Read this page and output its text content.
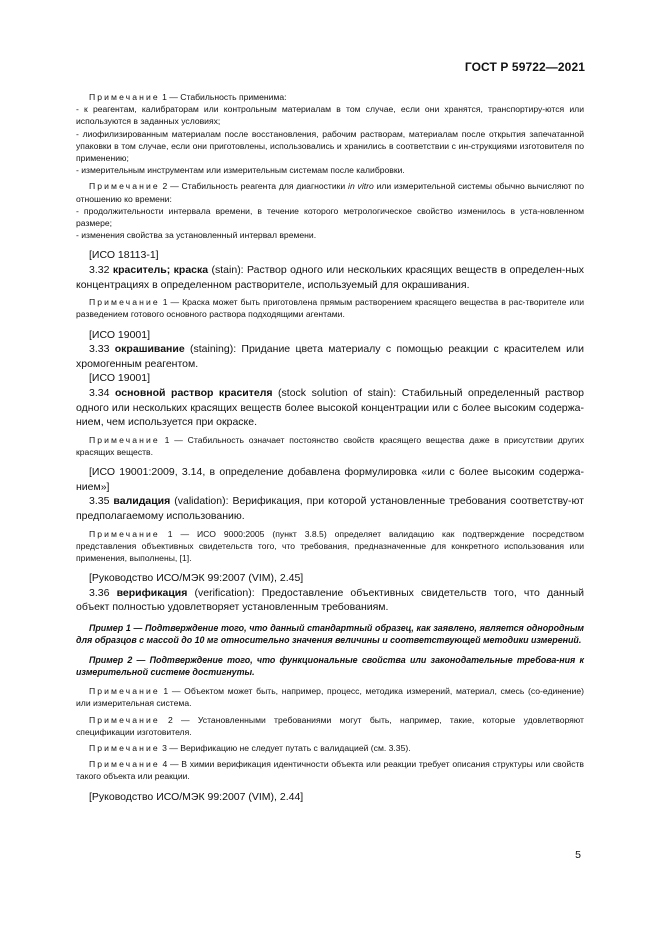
ГОСТ Р 59722—2021

Примечание 1 — Стабильность применима:

- к реагентам, калибраторам или контрольным материалам в том случае, если они хранятся, транспортиру-ются или используются в заданных условиях;

- лиофилизированным материалам после восстановления, рабочим растворам, материалам после открытия запечатанной упаковки в том случае, если они приготовлены, использовались и хранились в соответствии с ин-струкциями изготовителя по применению;

- измерительным инструментам или измерительным системам после калибровки.

Примечание 2 — Стабильность реагента для диагностики in vitro или измерительной системы обычно вычисляют по отношению ко времени:

- продолжительности интервала времени, в течение которого метрологическое свойство изменилось в уста-новленном размере;

- изменения свойства за установленный интервал времени.

[ИСО 18113-1]

3.32 краситель; краска (stain): Раствор одного или нескольких красящих веществ в определен-ных концентрациях в определенном растворителе, используемый для окрашивания.

Примечание 1 — Краска может быть приготовлена прямым растворением красящего вещества в рас-творителе или разведением готового основного раствора подходящими агентами.

[ИСО 19001]

3.33 окрашивание (staining): Придание цвета материалу с помощью реакции с красителем или хромогенным реагентом.

[ИСО 19001]

3.34 основной раствор красителя (stock solution of stain): Стабильный определенный раствор одного или нескольких красящих веществ более высокой концентрации или с более высоким содержа-нием, чем используется при окраске.

Примечание 1 — Стабильность означает постоянство свойств красящего вещества даже в присутствии других красящих веществ.

[ИСО 19001:2009, 3.14, в определение добавлена формулировка «или с более высоким содержа-нием»]

3.35 валидация (validation): Верификация, при которой установленные требования соответству-ют предполагаемому использованию.

Примечание 1 — ИСО 9000:2005 (пункт 3.8.5) определяет валидацию как подтверждение посредством представления объективных свидетельств того, что требования, предназначенные для конкретного использования или применения, выполнены, [1].

[Руководство ИСО/МЭК 99:2007 (VIM), 2.45]

3.36 верификация (verification): Предоставление объективных свидетельств того, что данный объект полностью удовлетворяет установленным требованиям.

Пример 1 — Подтверждение того, что данный стандартный образец, как заявлено, является однородным для образцов с массой до 10 мг относительно значения величины и соответствующей методики измерений.

Пример 2 — Подтверждение того, что функциональные свойства или законодательные требова-ния к измерительной системе достигнуты.

Примечание 1 — Объектом может быть, например, процесс, методика измерений, материал, смесь (со-единение) или измерительная система.

Примечание 2 — Установленными требованиями могут быть, например, такие, которые удовлетворяют спецификации изготовителя.

Примечание 3 — Верификацию не следует путать с валидацией (см. 3.35).

Примечание 4 — В химии верификация идентичности объекта или реакции требует описания структуры или свойств такого объекта или реакции.

[Руководство ИСО/МЭК 99:2007 (VIM), 2.44]

5
